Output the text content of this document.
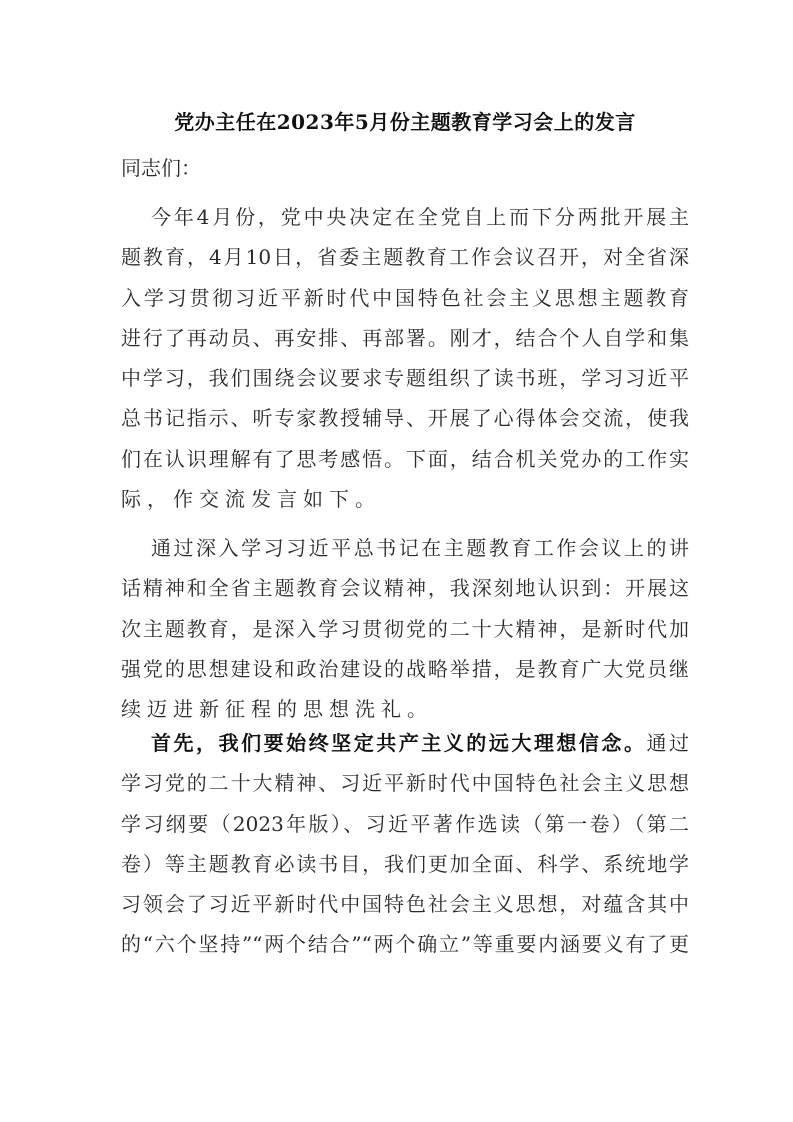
党办主任在2023年5月份主题教育学习会上的发言
同志们：
今年4月份，党中央决定在全党自上而下分两批开展主
题教育，4月10日，省委主题教育工作会议召开，对全省深
入学习贯彻习近平新时代中国特色社会主义思想主题教育
进行了再动员、再安排、再部署。刚才，结合个人自学和集
中学习，我们围绕会议要求专题组织了读书班，学习习近平
总书记指示、听专家教授辅导、开展了心得体会交流，使我
们在认识理解有了思考感悟。下面，结合机关党办的工作实
际，作交流发言如下。
通过深入学习习近平总书记在主题教育工作会议上的讲
话精神和全省主题教育会议精神，我深刻地认识到：开展这
次主题教育，是深入学习贯彻党的二十大精神，是新时代加
强党的思想建设和政治建设的战略举措，是教育广大党员继
续迈进新征程的思想洗礼。
首先，我们要始终坚定共产主义的远大理想信念。通过
学习党的二十大精神、习近平新时代中国特色社会主义思想
学习纲要（2023年版）、习近平著作选读（第一卷）（第二
卷）等主题教育必读书目，我们更加全面、科学、系统地学
习领会了习近平新时代中国特色社会主义思想，对蕴含其中
的“六个坚持”“两个结合”“两个确立”等重要内涵要义有了更
